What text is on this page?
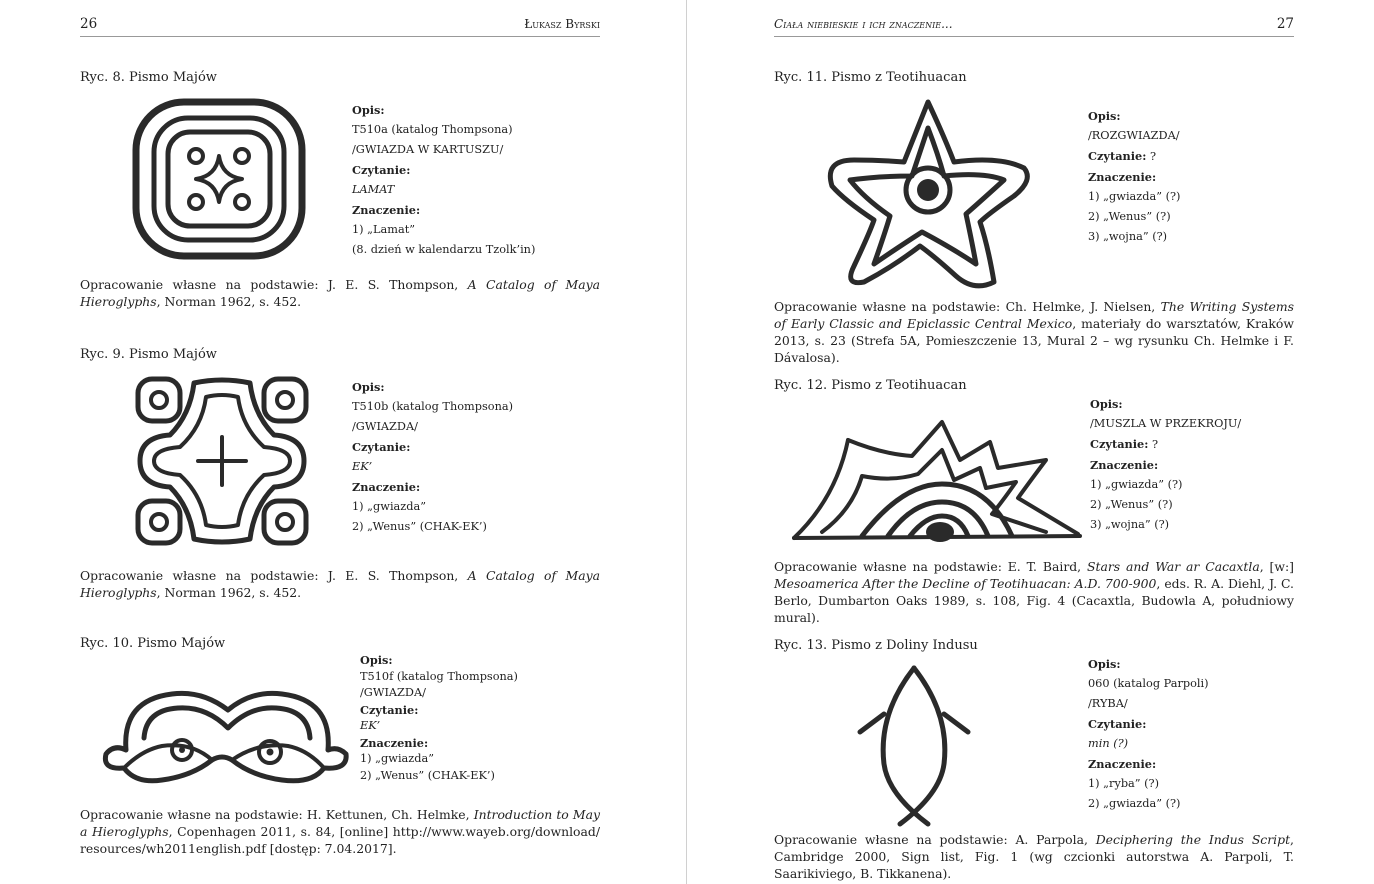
26	Łukasz Byrski
Ryc. 8. Pismo Majów
Opis:
T510a (katalog Thompsona)
/GWIAZDA W KARTUSZU/
Czytanie:
LAMAT
Znaczenie:
1) „Lamat”
(8. dzień w kalendarzu Tzolk’in)
Opracowanie własne na podstawie: J. E. S. Thompson, A Catalog of Maya Hieroglyphs, Norman 1962, s. 452.
Ryc. 9. Pismo Majów
Opis:
T510b (katalog Thompsona)
/GWIAZDA/
Czytanie:
EK’
Znaczenie:
1) „gwiazda”
2) „Wenus” (CHAK-EK’)
Opracowanie własne na podstawie: J. E. S. Thompson, A Catalog of Maya Hieroglyphs, Norman 1962, s. 452.
Ryc. 10. Pismo Majów
Opis:
T510f (katalog Thompsona)
/GWIAZDA/
Czytanie:
EK’
Znaczenie:
1) „gwiazda”
2) „Wenus” (CHAK-EK’)
Opracowanie własne na podstawie: H. Kettunen, Ch. Helmke, Introduction to Maya Hieroglyphs, Copenhagen 2011, s. 84, [online] http://www.wayeb.org/download/resources/wh2011english.pdf [dostęp: 7.04.2017].
Ciała niebieskie i ich znaczenie...	27
Ryc. 11. Pismo z Teotihuacan
Opis:
/ROZGWIAZDA/
Czytanie: ?
Znaczenie:
1) „gwiazda” (?)
2) „Wenus” (?)
3) „wojna” (?)
Opracowanie własne na podstawie: Ch. Helmke, J. Nielsen, The Writing Systems of Early Classic and Epiclassic Central Mexico, materiały do warsztatów, Kraków 2013, s. 23 (Strefa 5A, Pomieszczenie 13, Mural 2 – wg rysunku Ch. Helmke i F. Dávalosa).
Ryc. 12. Pismo z Teotihuacan
Opis:
/MUSZLA W PRZEKROJU/
Czytanie: ?
Znaczenie:
1) „gwiazda” (?)
2) „Wenus” (?)
3) „wojna” (?)
Opracowanie własne na podstawie: E. T. Baird, Stars and War ar Cacaxtla, [w:] Mesoamerica After the Decline of Teotihuacan: A.D. 700-900, eds. R. A. Diehl, J. C. Berlo, Dumbarton Oaks 1989, s. 108, Fig. 4 (Cacaxtla, Budowla A, południowy mural).
Ryc. 13. Pismo z Doliny Indusu
Opis:
060 (katalog Parpoli)
/RYBA/
Czytanie:
min (?)
Znaczenie:
1) „ryba” (?)
2) „gwiazda” (?)
Opracowanie własne na podstawie: A. Parpola, Deciphering the Indus Script, Cambridge 2000, Sign list, Fig. 1 (wg czcionki autorstwa A. Parpoli, T. Saarikiviego, B. Tikkanena).
